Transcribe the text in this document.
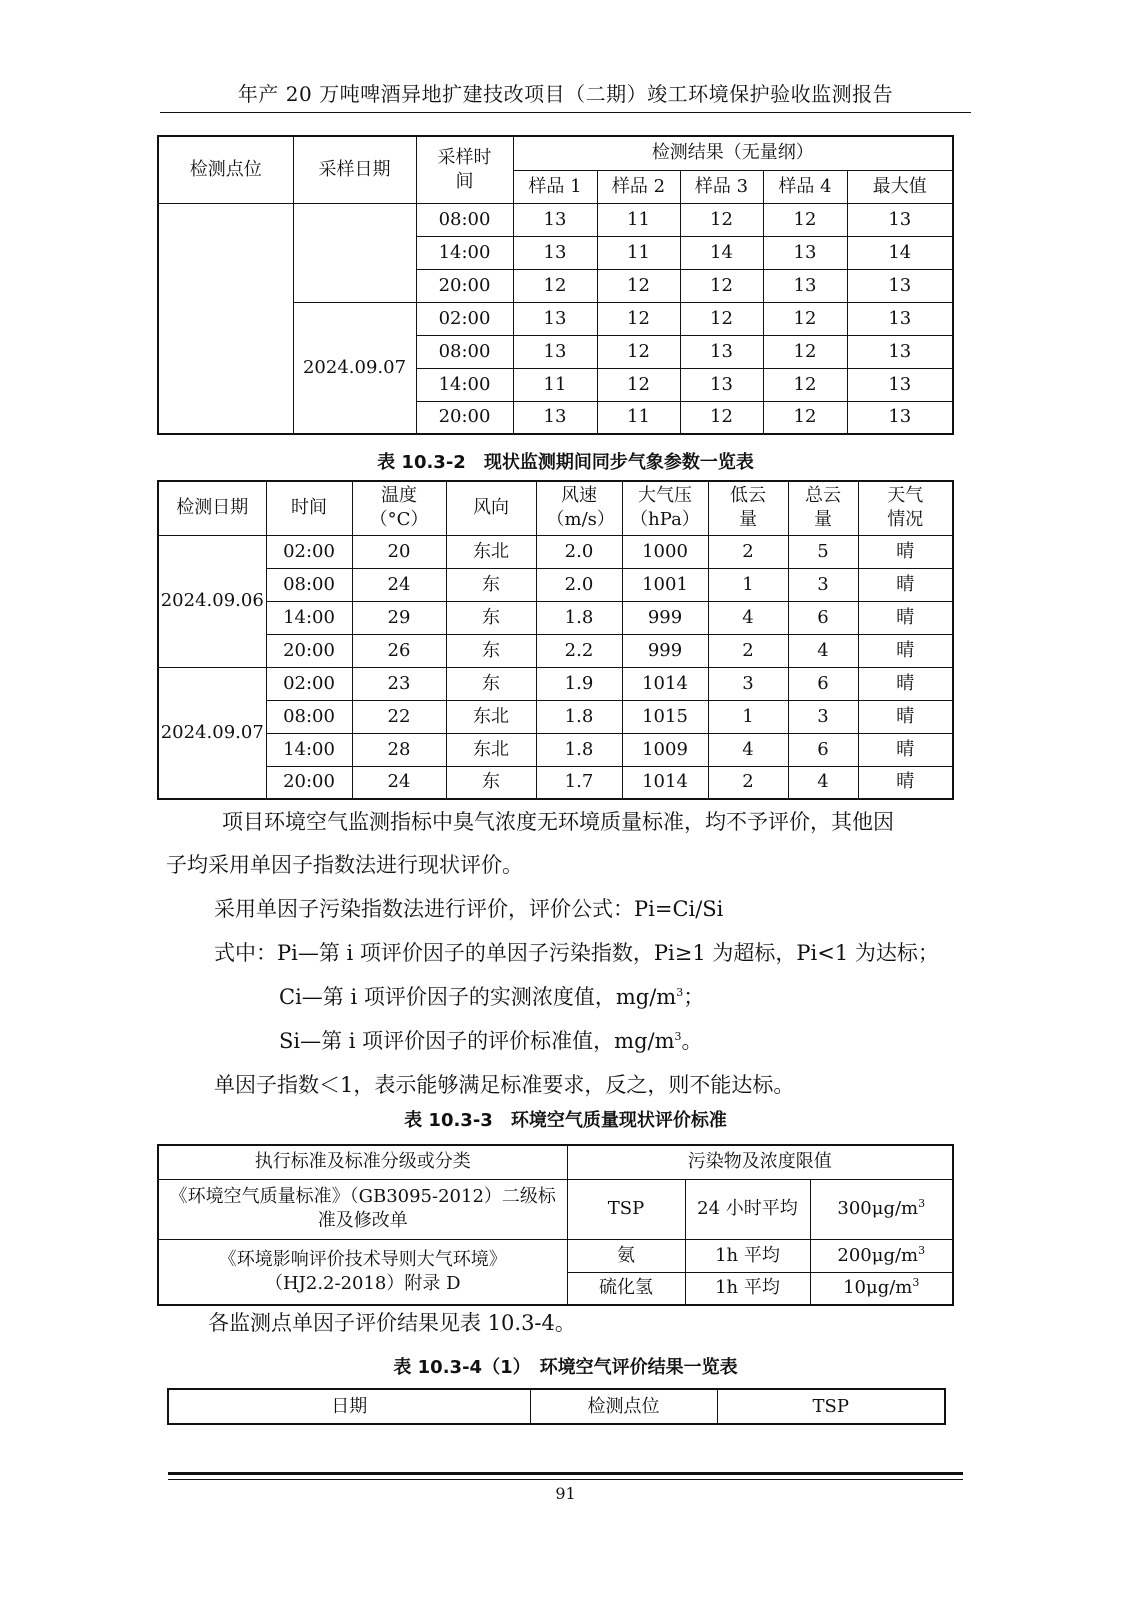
年产 20 万吨啤酒异地扩建技改项目（二期）竣工环境保护验收监测报告
检测点位	采样日期	采样时间	检测结果（无量纲）				
			样品 1	样品 2	样品 3	样品 4	最大值
		08:00	13	11	12	12	13
		14:00	13	11	14	13	14
		20:00	12	12	12	13	13
	2024.09.07	02:00	13	12	12	12	13
		08:00	13	12	13	12	13
		14:00	11	12	13	12	13
		20:00	13	11	12	12	13
表 10.3-2　现状监测期间同步气象参数一览表
检测日期	时间	温度（°C）	风向	风速（m/s）	大气压（hPa）	低云量	总云量	天气情况
2024.09.06	02:00	20	东北	2.0	1000	2	5	晴
	08:00	24	东	2.0	1001	1	3	晴
	14:00	29	东	1.8	999	4	6	晴
	20:00	26	东	2.2	999	2	4	晴
2024.09.07	02:00	23	东	1.9	1014	3	6	晴
	08:00	22	东北	1.8	1015	1	3	晴
	14:00	28	东北	1.8	1009	4	6	晴
	20:00	24	东	1.7	1014	2	4	晴
项目环境空气监测指标中臭气浓度无环境质量标准，均不予评价，其他因
子均采用单因子指数法进行现状评价。
采用单因子污染指数法进行评价，评价公式：Pi=Ci/Si
式中：Pi—第 i 项评价因子的单因子污染指数，Pi≥1 为超标，Pi<1 为达标；
Ci—第 i 项评价因子的实测浓度值，$mg/m^3$；
Si—第 i 项评价因子的评价标准值，$mg/m^3$。
单因子指数＜1，表示能够满足标准要求，反之，则不能达标。
表 10.3-3　环境空气质量现状评价标准
执行标准及标准分级或分类	污染物及浓度限值		
《环境空气质量标准》（GB3095-2012）二级标准及修改单	TSP	24 小时平均	$300\mu g/m^3$
《环境影响评价技术导则大气环境》（HJ2.2-2018）附录 D	氨	1h 平均	$200\mu g/m^3$
	硫化氢	1h 平均	$10\mu g/m^3$
各监测点单因子评价结果见表 10.3-4。
表 10.3-4（1）　环境空气评价结果一览表
日期	检测点位	TSP
91
